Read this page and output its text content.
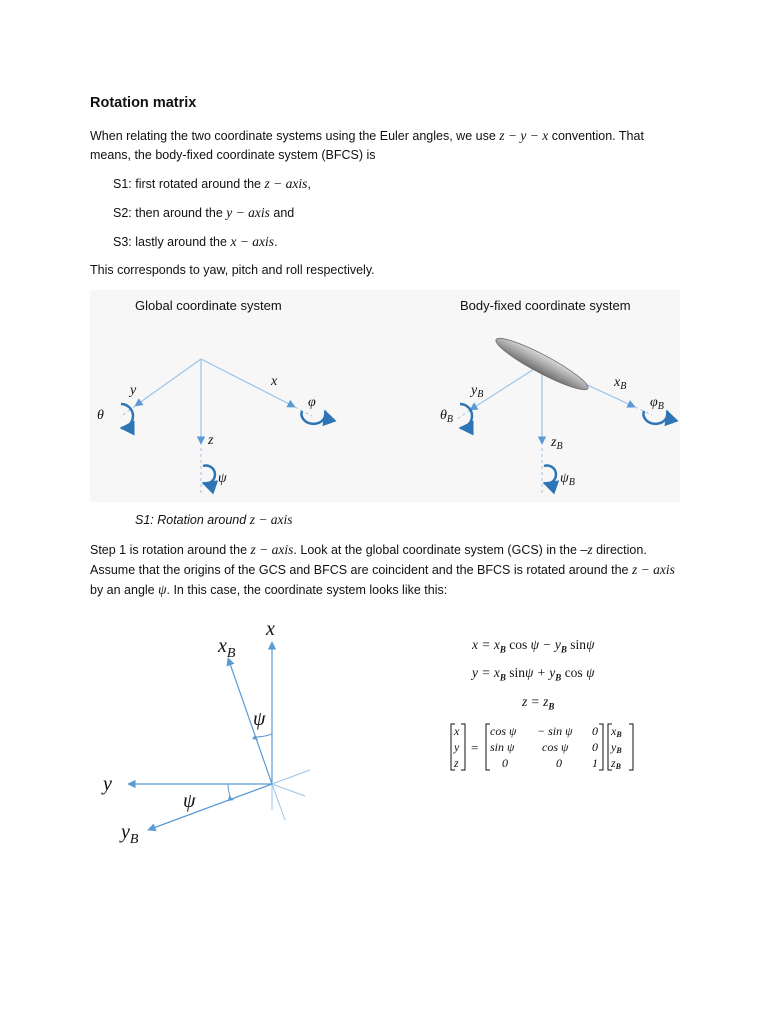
Rotation matrix
When relating the two coordinate systems using the Euler angles, we use z − y − x convention. That
means, the body-fixed coordinate system (BFCS) is
S1: first rotated around the z − axis,
S2: then around the y − axis and
S3: lastly around the x − axis.
This corresponds to yaw, pitch and roll respectively.
Global coordinate system	Body-fixed coordinate system
y
x
z
θ
φ
ψ
$y_B$
$x_B$
$z_B$
$\theta_B$
$\varphi_B$
$\psi_B$
S1: Rotation around z − axis
Step 1 is rotation around the z − axis. Look at the global coordinate system (GCS) in the –z direction.
Assume that the origins of the GCS and BFCS are coincident and the BFCS is rotated around the z − axis
by an angle ψ. In this case, the coordinate system looks like this:
x
$x_B$
ψ
y
ψ
$y_B$
$x = x_B$ $\cos \psi - y_B$ sinψ
$y = x_B$ $\sin\psi + y_B$ cos ψ
$z = z_B$
=
x
y
z
cos ψ − sin ψ 0
sin ψ cos ψ 0
0	0	1
xB
yB
zB
